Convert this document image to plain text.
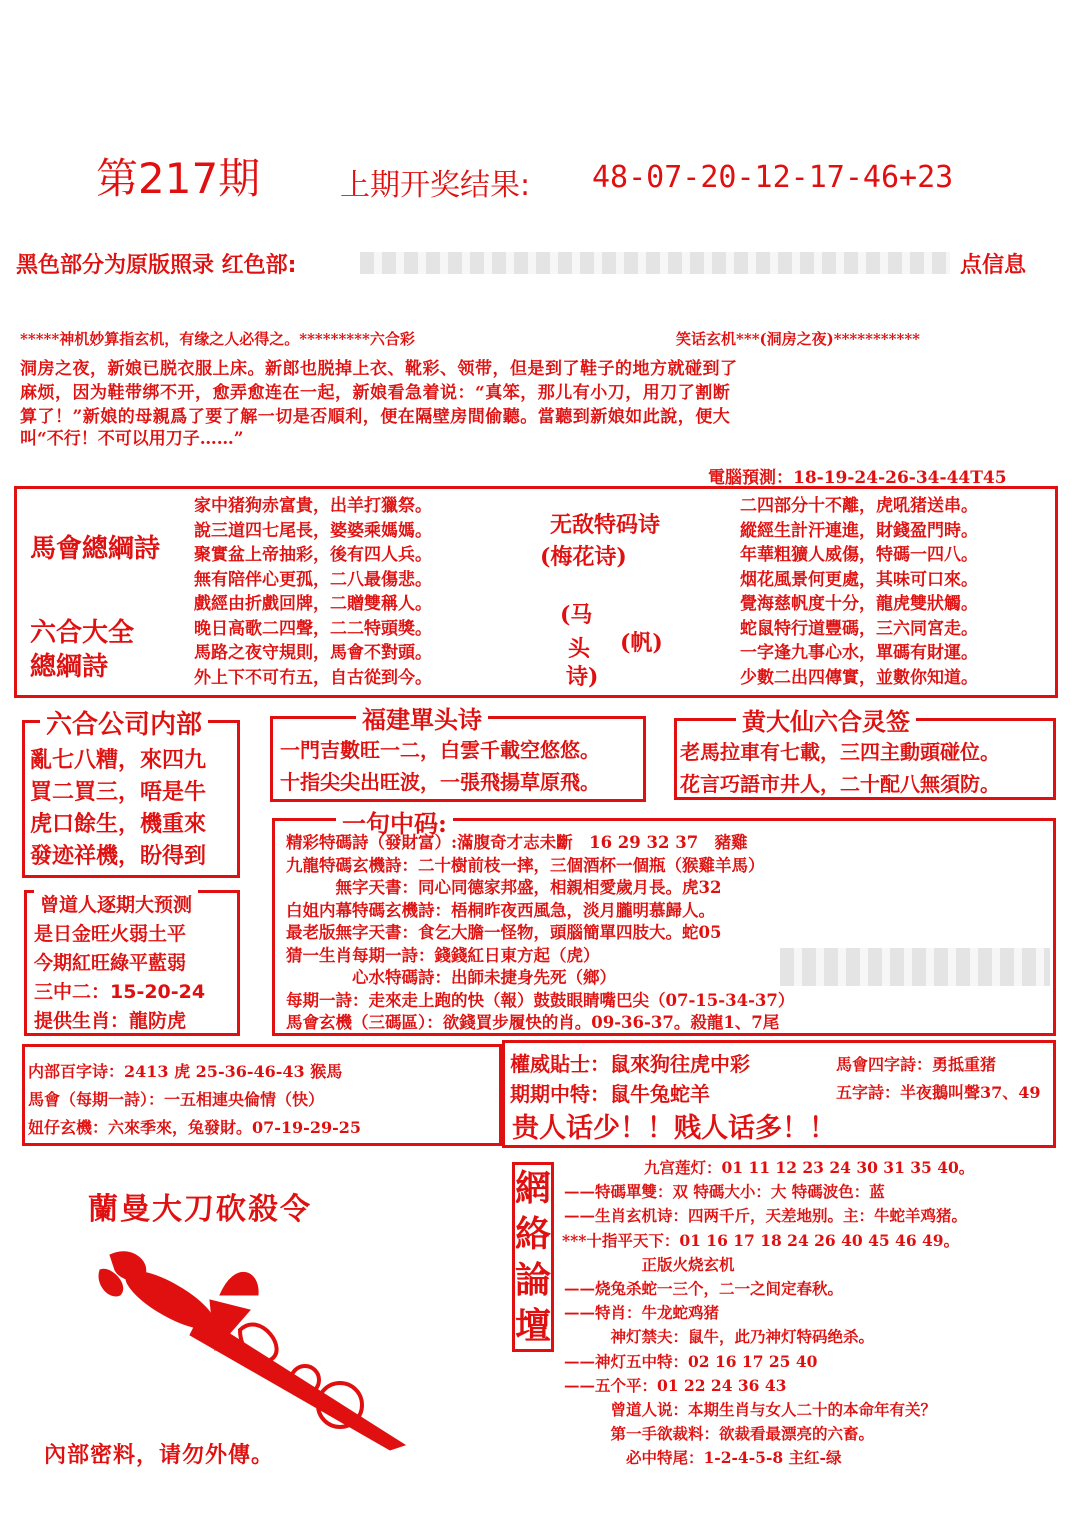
第217期	上期开奖结果: 48-07-20-12-17-46+23
黑色部分为原版照录 红色部:	点信息
*****神机妙算指玄机，有缘之人必得之。*********六合彩	笑话玄机***(洞房之夜)***********
洞房之夜，新娘已脱衣服上床。新郎也脱掉上衣、靴彩、领带，但是到了鞋子的地方就碰到了
麻烦，因为鞋带绑不开，愈弄愈连在一起，新娘看急着说：“真笨，那儿有小刀，用刀了割断
算了！”新娘的母親爲了要了解一切是否順利，便在隔壁房間偷聽。當聽到新娘如此說，便大
叫“不行！不可以用刀子……”
電腦預測：18-19-24-26-34-44T45
馬會總綱詩
六合大全
總綱詩
家中猪狗赤富貴，出羊打獵祭。
說三道四七尾長，婆婆乘媽媽。
聚實盆上帝抽彩，後有四人兵。
無有陪伴心更孤，二八最傷悲。
戲經由折戲回牌，二贈雙稱人。
晚日高歌二四聲，二二特頭獎。
馬路之夜守規則，馬會不對頭。
外上下不可冇五，自古從到今。
无敌特码诗
(梅花诗)
(马
头 (帆)
诗)
二四部分十不離，虎吼猪送串。
縱經生計汗連進，財錢盈門時。
年華粗獷人威傷，特碼一四八。
烟花風景何更處，其味可口來。
覺海慈帆度十分，龍虎雙狀觸。
蛇鼠特行道豐碼，三六同宮走。
一字逢九事心水，單碼有財運。
少數二出四傳實，並數你知道。
六合公司内部
亂七八糟，來四九
買二買三，唔是牛
虎口餘生，機重來
發迹祥機，盼得到
福建單头诗
一門吉數旺一二，白雲千載空悠悠。
十指尖尖出旺波，一張飛揚草原飛。
黄大仙六合灵签
老馬拉車有七載，三四主動頭碰位。
花言巧語市井人，二十配八無須防。
曾道人逐期大预测
是日金旺火弱土平
今期紅旺綠平藍弱
三中二：15-20-24
提供生肖：龍防虎
一句中码:
精彩特碼詩（發財富）:滿腹奇才志未斷　16 29 32 37　豬雞
九龍特碼玄機詩：二十樹前枝一摔，三個酒杯一個瓶（猴雞羊馬）
　　　無字天書：同心同德家邦盛，相親相愛歲月長。虎32
白姐内幕特碼玄機詩：梧桐昨夜西風急，淡月朧明慕歸人。
最老版無字天書：食乞大膽一怪物，頭腦簡單四肢大。蛇05
猜一生肖每期一詩：錢錢紅日東方起（虎）
　　　　心水特碼詩：出師未捷身先死（鄉）
每期一詩：走來走上跑的快（報）鼓鼓眼睛嘴巴尖（07-15-34-37）
馬會玄機（三碼區）：欲錢買步履快的肖。09-36-37。殺龍1、7尾
内部百字诗：2413 虎 25-36-46-43 猴馬
馬會（每期一詩）：一五相連央倫情（快）
妞仔玄機：六來季來，兔發財。07-19-29-25
權威貼士：鼠來狗往虎中彩	馬會四字詩：勇抵重猪
期期中特：鼠牛兔蛇羊	五字詩：半夜鵝叫聲37、49
贵人话少！！贱人话多！！
網
絡
論
壇
九宫莲灯：01 11 12 23 24 30 31 35 40。
——特碼單雙：双 特碼大小：大 特碼波色：蓝
——生肖玄机诗：四两千斤，天差地别。主：牛蛇羊鸡猪。
***十指平天下：01 16 17 18 24 26 40 45 46 49。
　　　　　正版火烧玄机
——烧兔杀蛇一三个，二一之间定春秋。
——特肖：牛龙蛇鸡猪
　　　神灯禁夫：鼠牛，此乃神灯特码绝杀。
——神灯五中特：02 16 17 25 40
——五个平：01 22 24 36 43
　　　曾道人说：本期生肖与女人二十的本命年有关？
　　　第一手欲裁料：欲裁看最漂亮的六畜。
　　　　必中特尾：1-2-4-5-8 主红-绿
蘭曼大刀砍殺令
內部密料，请勿外傳。
